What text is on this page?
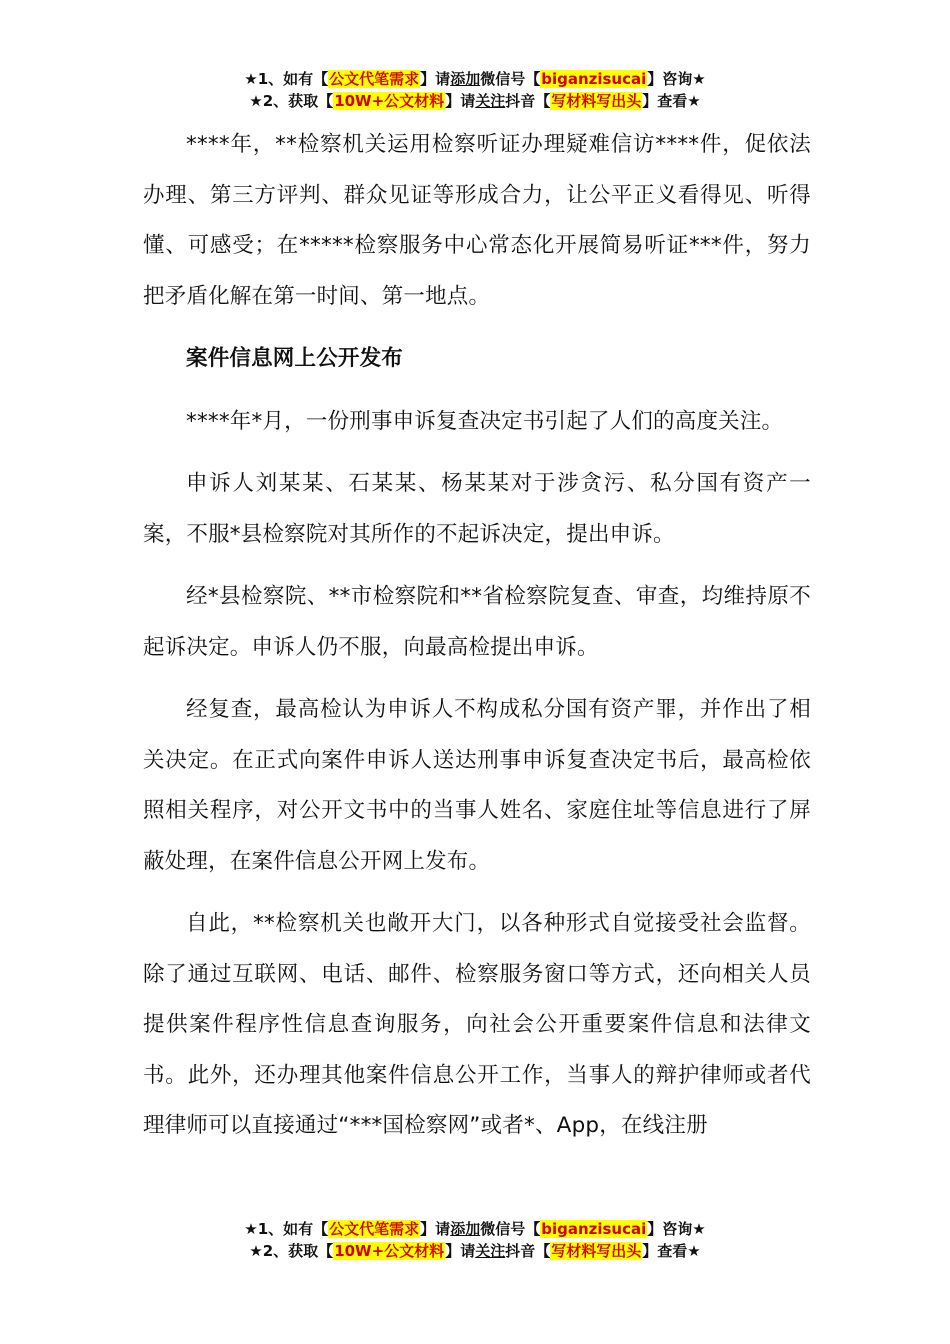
★1、如有【公文代笔需求】请添加微信号【biganzisucai】咨询★
★2、获取【10W+公文材料】请关注抖音【写材料写出头】查看★

****年，**检察机关运用检察听证办理疑难信访****件，促依法办理、第三方评判、群众见证等形成合力，让公平正义看得见、听得懂、可感受；在*****检察服务中心常态化开展简易听证***件，努力把矛盾化解在第一时间、第一地点。

案件信息网上公开发布

****年*月，一份刑事申诉复查决定书引起了人们的高度关注。

申诉人刘某某、石某某、杨某某对于涉贪污、私分国有资产一案，不服*县检察院对其所作的不起诉决定，提出申诉。

经*县检察院、**市检察院和**省检察院复查、审查，均维持原不起诉决定。申诉人仍不服，向最高检提出申诉。

经复查，最高检认为申诉人不构成私分国有资产罪，并作出了相关决定。在正式向案件申诉人送达刑事申诉复查决定书后，最高检依照相关程序，对公开文书中的当事人姓名、家庭住址等信息进行了屏蔽处理，在案件信息公开网上发布。

自此，**检察机关也敞开大门，以各种形式自觉接受社会监督。除了通过互联网、电话、邮件、检察服务窗口等方式，还向相关人员提供案件程序性信息查询服务，向社会公开重要案件信息和法律文书。此外，还办理其他案件信息公开工作，当事人的辩护律师或者代理律师可以直接通过“***国检察网”或者*、App，在线注册

★1、如有【公文代笔需求】请添加微信号【biganzisucai】咨询★
★2、获取【10W+公文材料】请关注抖音【写材料写出头】查看★
